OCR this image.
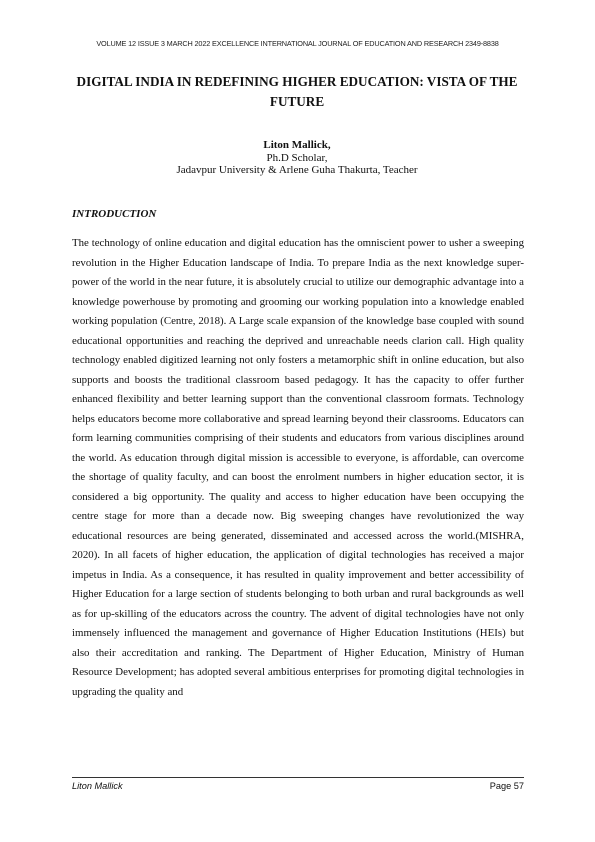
VOLUME 12 ISSUE 3 MARCH 2022 EXCELLENCE INTERNATIONAL JOURNAL OF EDUCATION AND RESEARCH 2349-8838
DIGITAL INDIA IN REDEFINING HIGHER EDUCATION: VISTA OF THE FUTURE
Liton Mallick,
Ph.D Scholar,
Jadavpur University & Arlene Guha Thakurta, Teacher
INTRODUCTION

The technology of online education and digital education has the omniscient power to usher a sweeping revolution in the Higher Education landscape of India. To prepare India as the next knowledge super-power of the world in the near future, it is absolutely crucial to utilize our demographic advantage into a knowledge powerhouse by promoting and grooming our working population into a knowledge enabled working population (Centre, 2018). A Large scale expansion of the knowledge base coupled with sound educational opportunities and reaching the deprived and unreachable needs clarion call. High quality technology enabled digitized learning not only fosters a metamorphic shift in online education, but also supports and boosts the traditional classroom based pedagogy. It has the capacity to offer further enhanced flexibility and better learning support than the conventional classroom formats. Technology helps educators become more collaborative and spread learning beyond their classrooms. Educators can form learning communities comprising of their students and educators from various disciplines around the world. As education through digital mission is accessible to everyone, is affordable, can overcome the shortage of quality faculty, and can boost the enrolment numbers in higher education sector, it is considered a big opportunity. The quality and access to higher education have been occupying the centre stage for more than a decade now. Big sweeping changes have revolutionized the way educational resources are being generated, disseminated and accessed across the world.(MISHRA, 2020). In all facets of higher education, the application of digital technologies has received a major impetus in India. As a consequence, it has resulted in quality improvement and better accessibility of Higher Education for a large section of students belonging to both urban and rural backgrounds as well as for up-skilling of the educators across the country. The advent of digital technologies have not only immensely influenced the management and governance of Higher Education Institutions (HEIs) but also their accreditation and ranking. The Department of Higher Education, Ministry of Human Resource Development; has adopted several ambitious enterprises for promoting digital technologies in upgrading the quality and

Liton Mallick	Page 57
